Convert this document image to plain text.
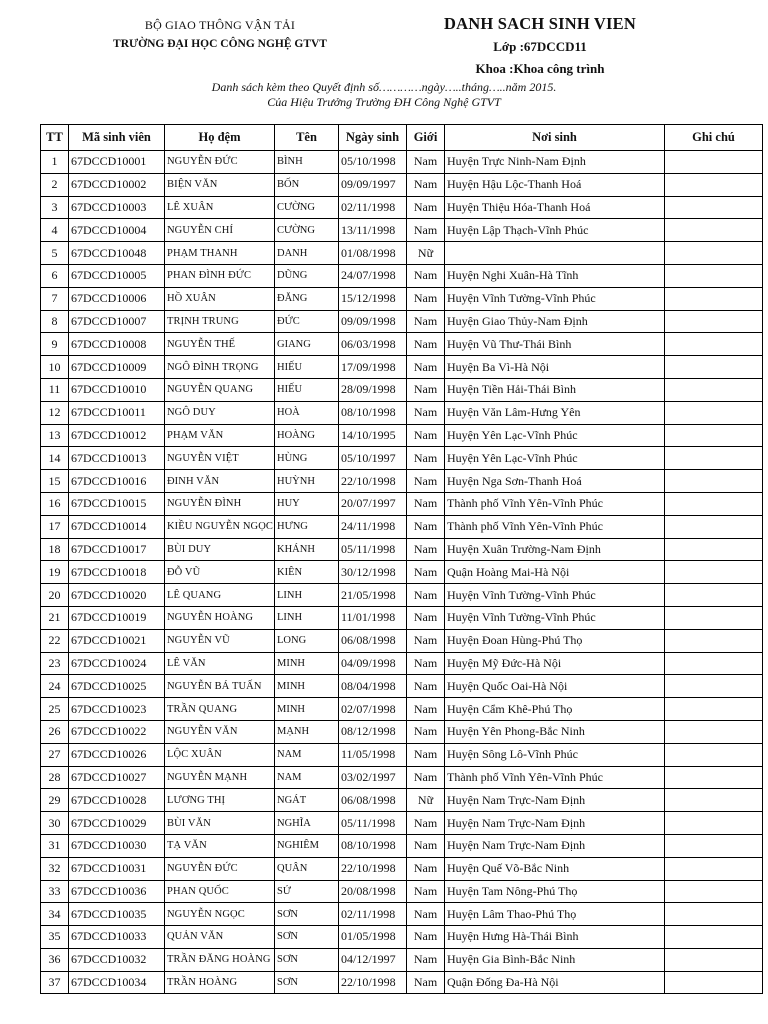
BỘ GIAO THÔNG VẬN TẢI
TRƯỜNG ĐẠI HỌC CÔNG NGHỆ GTVT
DANH SACH SINH VIEN
Lớp :67DCCD11
Khoa :Khoa công trình
Danh sách kèm theo Quyết định số…………ngày…..tháng…..năm 2015.
Của Hiệu Trưởng Trường ĐH Công Nghệ GTVT
TT	Mã sinh viên	Họ đệm	Tên	Ngày sinh	Giới	Nơi sinh	Ghi chú
1	67DCCD10001	NGUYỄN ĐỨC	BÌNH	05/10/1998	Nam	Huyện Trực Ninh-Nam Định	
2	67DCCD10002	BIỆN VĂN	BỐN	09/09/1997	Nam	Huyện Hậu Lộc-Thanh Hoá	
3	67DCCD10003	LÊ XUÂN	CƯỜNG	02/11/1998	Nam	Huyện Thiệu Hóa-Thanh Hoá	
4	67DCCD10004	NGUYỄN CHÍ	CƯỜNG	13/11/1998	Nam	Huyện Lập Thạch-Vĩnh Phúc	
5	67DCCD10048	PHẠM THANH	DANH	01/08/1998	Nữ		
6	67DCCD10005	PHAN ĐÌNH ĐỨC	DŨNG	24/07/1998	Nam	Huyện Nghi Xuân-Hà Tĩnh	
7	67DCCD10006	HỒ XUÂN	ĐĂNG	15/12/1998	Nam	Huyện Vĩnh Tường-Vĩnh Phúc	
8	67DCCD10007	TRỊNH TRUNG	ĐỨC	09/09/1998	Nam	Huyện Giao Thủy-Nam Định	
9	67DCCD10008	NGUYỄN THẾ	GIANG	06/03/1998	Nam	Huyện Vũ Thư-Thái Bình	
10	67DCCD10009	NGÔ ĐÌNH TRỌNG	HIẾU	17/09/1998	Nam	Huyện Ba Vì-Hà Nội	
11	67DCCD10010	NGUYỄN QUANG	HIẾU	28/09/1998	Nam	Huyện Tiền Hải-Thái Bình	
12	67DCCD10011	NGÔ DUY	HOÀ	08/10/1998	Nam	Huyện Văn Lâm-Hưng Yên	
13	67DCCD10012	PHẠM VĂN	HOÀNG	14/10/1995	Nam	Huyện Yên Lạc-Vĩnh Phúc	
14	67DCCD10013	NGUYỄN VIỆT	HÙNG	05/10/1997	Nam	Huyện Yên Lạc-Vĩnh Phúc	
15	67DCCD10016	ĐINH VĂN	HUỲNH	22/10/1998	Nam	Huyện Nga Sơn-Thanh Hoá	
16	67DCCD10015	NGUYỄN ĐÌNH	HUY	20/07/1997	Nam	Thành phố Vĩnh Yên-Vĩnh Phúc	
17	67DCCD10014	KIỀU NGUYỄN NGỌC	HƯNG	24/11/1998	Nam	Thành phố Vĩnh Yên-Vĩnh Phúc	
18	67DCCD10017	BÙI DUY	KHÁNH	05/11/1998	Nam	Huyện Xuân Trường-Nam Định	
19	67DCCD10018	ĐỖ VŨ	KIÊN	30/12/1998	Nam	Quận Hoàng Mai-Hà Nội	
20	67DCCD10020	LÊ QUANG	LINH	21/05/1998	Nam	Huyện Vĩnh Tường-Vĩnh Phúc	
21	67DCCD10019	NGUYỄN HOÀNG	LINH	11/01/1998	Nam	Huyện Vĩnh Tường-Vĩnh Phúc	
22	67DCCD10021	NGUYỄN VŨ	LONG	06/08/1998	Nam	Huyện Đoan Hùng-Phú Thọ	
23	67DCCD10024	LÊ VĂN	MINH	04/09/1998	Nam	Huyện Mỹ Đức-Hà Nội	
24	67DCCD10025	NGUYỄN BÁ TUẤN	MINH	08/04/1998	Nam	Huyện Quốc Oai-Hà Nội	
25	67DCCD10023	TRẦN QUANG	MINH	02/07/1998	Nam	Huyện Cẩm Khê-Phú Thọ	
26	67DCCD10022	NGUYỄN VĂN	MẠNH	08/12/1998	Nam	Huyện Yên Phong-Bắc Ninh	
27	67DCCD10026	LỘC XUÂN	NAM	11/05/1998	Nam	Huyện Sông Lô-Vĩnh Phúc	
28	67DCCD10027	NGUYỄN MẠNH	NAM	03/02/1997	Nam	Thành phố Vĩnh Yên-Vĩnh Phúc	
29	67DCCD10028	LƯƠNG THỊ	NGÁT	06/08/1998	Nữ	Huyện Nam Trực-Nam Định	
30	67DCCD10029	BÙI VĂN	NGHĨA	05/11/1998	Nam	Huyện Nam Trực-Nam Định	
31	67DCCD10030	TẠ VĂN	NGHIÊM	08/10/1998	Nam	Huyện Nam Trực-Nam Định	
32	67DCCD10031	NGUYỄN ĐỨC	QUÂN	22/10/1998	Nam	Huyện Quế Võ-Bắc Ninh	
33	67DCCD10036	PHAN QUỐC	SỬ	20/08/1998	Nam	Huyện Tam Nông-Phú Thọ	
34	67DCCD10035	NGUYỄN NGỌC	SƠN	02/11/1998	Nam	Huyện Lâm Thao-Phú Thọ	
35	67DCCD10033	QUẢN VĂN	SƠN	01/05/1998	Nam	Huyện Hưng Hà-Thái Bình	
36	67DCCD10032	TRẦN ĐĂNG HOÀNG	SƠN	04/12/1997	Nam	Huyện Gia Bình-Bắc Ninh	
37	67DCCD10034	TRẦN HOÀNG	SƠN	22/10/1998	Nam	Quận Đống Đa-Hà Nội	
